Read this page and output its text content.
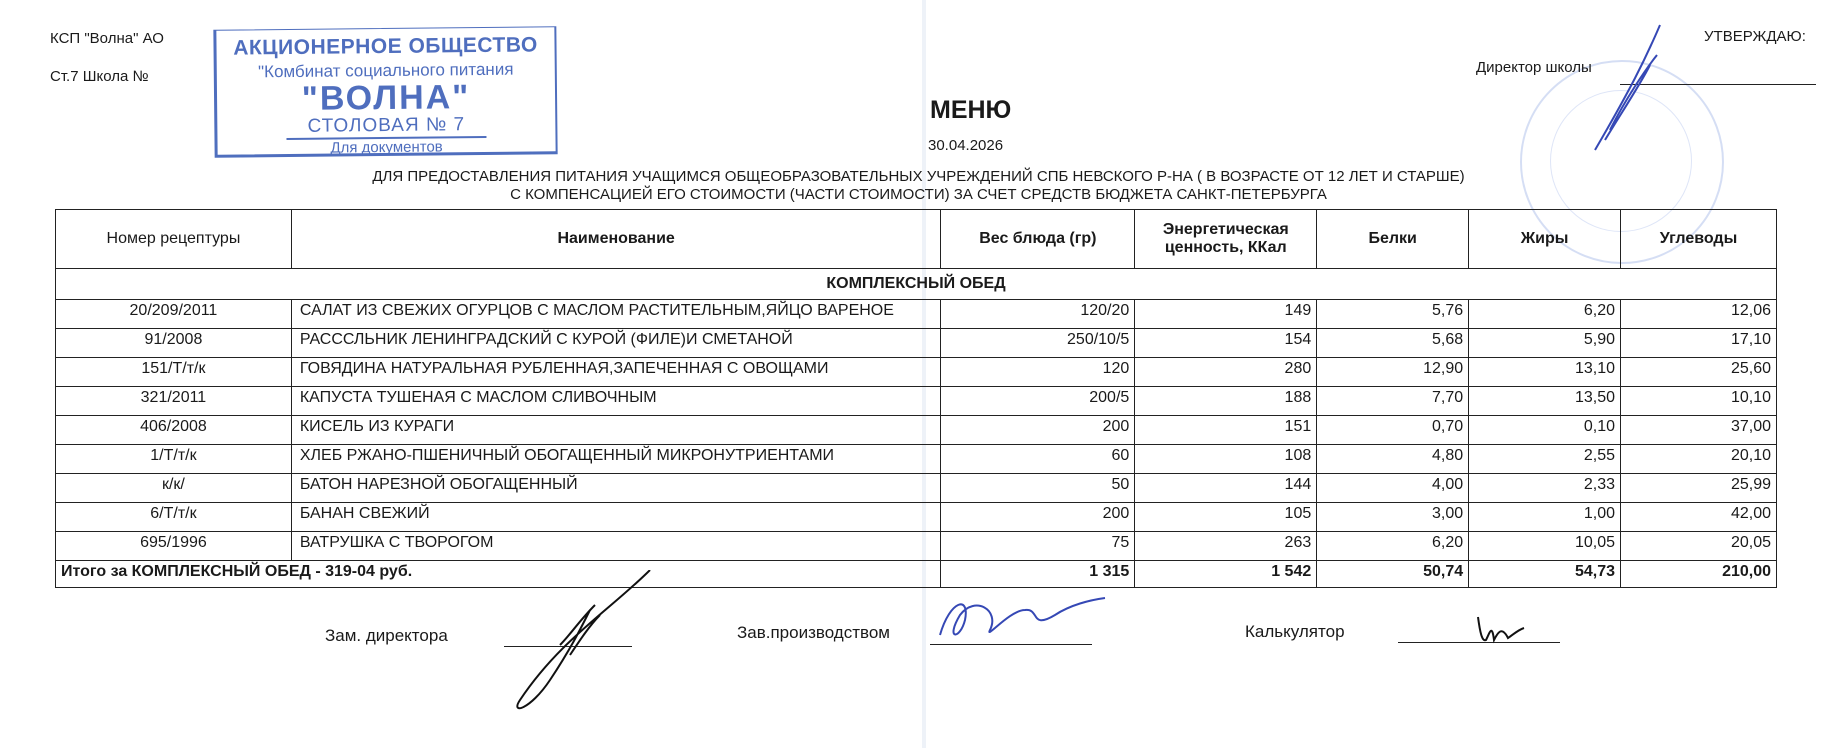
КСП "Волна" АО
Ст.7 Школа №
АКЦИОНЕРНОЕ ОБЩЕСТВО
"Комбинат социального питания
"ВОЛНА"
СТОЛОВАЯ № 7
Для документов
УТВЕРЖДАЮ:
Директор школы
МЕНЮ
30.04.2026
ДЛЯ ПРЕДОСТАВЛЕНИЯ ПИТАНИЯ УЧАЩИМСЯ ОБЩЕОБРАЗОВАТЕЛЬНЫХ УЧРЕЖДЕНИЙ СПБ НЕВСКОГО Р-НА ( В ВОЗРАСТЕ ОТ 12 ЛЕТ И СТАРШЕ)
С КОМПЕНСАЦИЕЙ ЕГО СТОИМОСТИ (ЧАСТИ СТОИМОСТИ) ЗА СЧЕТ СРЕДСТВ БЮДЖЕТА САНКТ-ПЕТЕРБУРГА
Номер рецептуры	Наименование	Вес блюда (гр)	Энергетическая ценность, ККал	Белки	Жиры	Углеводы
КОМПЛЕКСНЫЙ ОБЕД						
20/209/2011	САЛАТ ИЗ СВЕЖИХ ОГУРЦОВ С МАСЛОМ РАСТИТЕЛЬНЫМ,ЯЙЦО ВАРЕНОЕ	120/20	149	5,76	6,20	12,06
91/2008	РАСССЛЬНИК ЛЕНИНГРАДСКИЙ С КУРОЙ (ФИЛЕ)И СМЕТАНОЙ	250/10/5	154	5,68	5,90	17,10
151/Т/т/к	ГОВЯДИНА НАТУРАЛЬНАЯ РУБЛЕННАЯ,ЗАПЕЧЕННАЯ С ОВОЩАМИ	120	280	12,90	13,10	25,60
321/2011	КАПУСТА ТУШЕНАЯ С МАСЛОМ СЛИВОЧНЫМ	200/5	188	7,70	13,50	10,10
406/2008	КИСЕЛЬ ИЗ КУРАГИ	200	151	0,70	0,10	37,00
1/Т/т/к	ХЛЕБ РЖАНО-ПШЕНИЧНЫЙ ОБОГАЩЕННЫЙ МИКРОНУТРИЕНТАМИ	60	108	4,80	2,55	20,10
к/к/	БАТОН НАРЕЗНОЙ ОБОГАЩЕННЫЙ	50	144	4,00	2,33	25,99
6/Т/т/к	БАНАН СВЕЖИЙ	200	105	3,00	1,00	42,00
695/1996	ВАТРУШКА С ТВОРОГОМ	75	263	6,20	10,05	20,05
Итого за КОМПЛЕКСНЫЙ ОБЕД - 319-04 руб.		1 315	1 542	50,74	54,73	210,00
Зам. директора	Зав.производством	Калькулятор
